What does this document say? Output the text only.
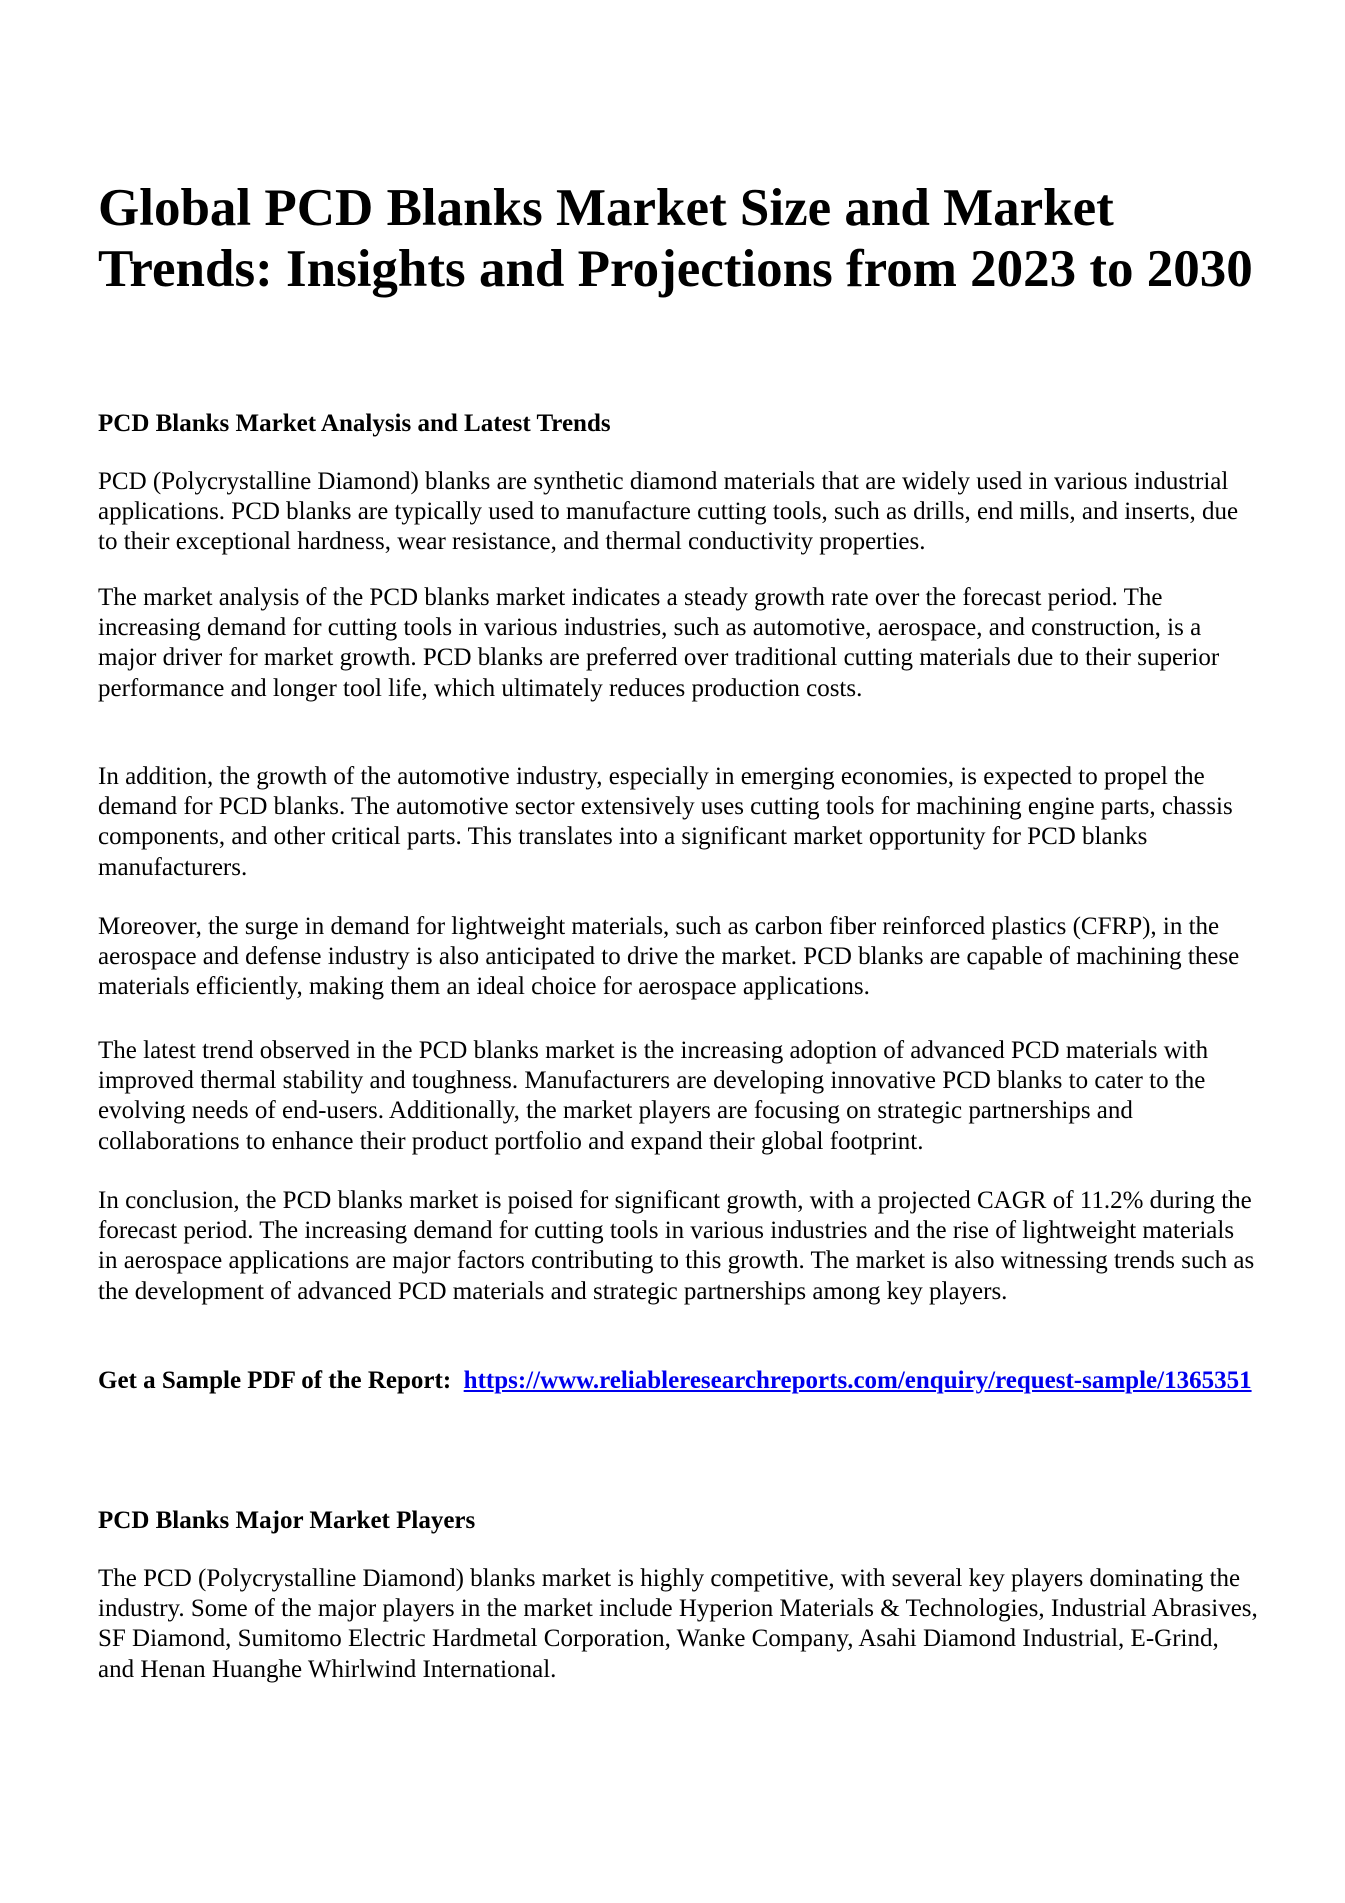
Global PCD Blanks Market Size and Market Trends: Insights and Projections from 2023 to 2030
PCD Blanks Market Analysis and Latest Trends

PCD (Polycrystalline Diamond) blanks are synthetic diamond materials that are widely used in various industrial applications. PCD blanks are typically used to manufacture cutting tools, such as drills, end mills, and inserts, due to their exceptional hardness, wear resistance, and thermal conductivity properties.

The market analysis of the PCD blanks market indicates a steady growth rate over the forecast period. The increasing demand for cutting tools in various industries, such as automotive, aerospace, and construction, is a major driver for market growth. PCD blanks are preferred over traditional cutting materials due to their superior performance and longer tool life, which ultimately reduces production costs.

In addition, the growth of the automotive industry, especially in emerging economies, is expected to propel the demand for PCD blanks. The automotive sector extensively uses cutting tools for machining engine parts, chassis components, and other critical parts. This translates into a significant market opportunity for PCD blanks manufacturers.

Moreover, the surge in demand for lightweight materials, such as carbon fiber reinforced plastics (CFRP), in the aerospace and defense industry is also anticipated to drive the market. PCD blanks are capable of machining these materials efficiently, making them an ideal choice for aerospace applications.

The latest trend observed in the PCD blanks market is the increasing adoption of advanced PCD materials with improved thermal stability and toughness. Manufacturers are developing innovative PCD blanks to cater to the evolving needs of end-users. Additionally, the market players are focusing on strategic partnerships and collaborations to enhance their product portfolio and expand their global footprint.

In conclusion, the PCD blanks market is poised for significant growth, with a projected CAGR of 11.2% during the forecast period. The increasing demand for cutting tools in various industries and the rise of lightweight materials in aerospace applications are major factors contributing to this growth. The market is also witnessing trends such as the development of advanced PCD materials and strategic partnerships among key players.

Get a Sample PDF of the Report: https://www.reliableresearchreports.com/enquiry/request-sample/1365351

PCD Blanks Major Market Players

The PCD (Polycrystalline Diamond) blanks market is highly competitive, with several key players dominating the industry. Some of the major players in the market include Hyperion Materials & Technologies, Industrial Abrasives, SF Diamond, Sumitomo Electric Hardmetal Corporation, Wanke Company, Asahi Diamond Industrial, E-Grind, and Henan Huanghe Whirlwind International.
